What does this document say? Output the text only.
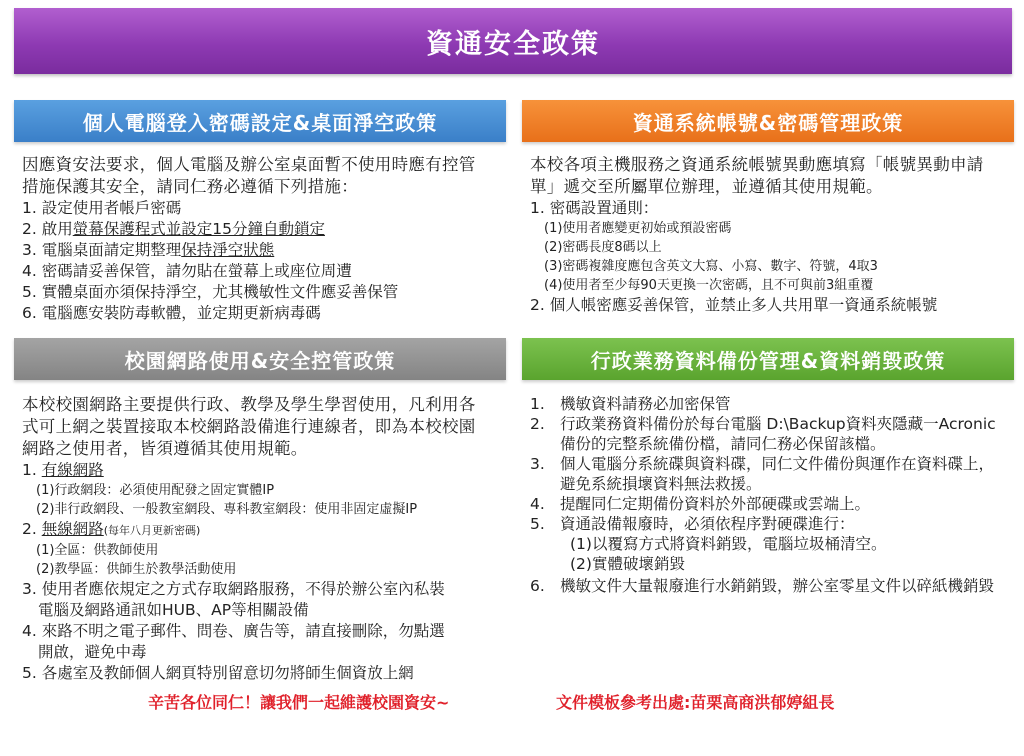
資通安全政策
個人電腦登入密碼設定&桌面淨空政策
因應資安法要求，個人電腦及辦公室桌面暫不使用時應有控管措施保護其安全，請同仁務必遵循下列措施：
1. 設定使用者帳戶密碼
2. 啟用螢幕保護程式並設定15分鐘自動鎖定
3. 電腦桌面請定期整理保持淨空狀態
4. 密碼請妥善保管，請勿貼在螢幕上或座位周遭
5. 實體桌面亦須保持淨空，尤其機敏性文件應妥善保管
6. 電腦應安裝防毒軟體，並定期更新病毒碼
資通系統帳號&密碼管理政策
本校各項主機服務之資通系統帳號異動應填寫「帳號異動申請單」遞交至所屬單位辦理，並遵循其使用規範。
1. 密碼設置通則：
(1)使用者應變更初始或預設密碼
(2)密碼長度8碼以上
(3)密碼複雜度應包含英文大寫、小寫、數字、符號，4取3
(4)使用者至少每90天更換一次密碼，且不可與前3組重覆
2. 個人帳密應妥善保管，並禁止多人共用單一資通系統帳號
校園網路使用&安全控管政策
本校校園網路主要提供行政、教學及學生學習使用，凡利用各式可上網之裝置接取本校網路設備進行連線者，即為本校校園網路之使用者，皆須遵循其使用規範。
1. 有線網路
(1)行政網段：必須使用配發之固定實體IP
(2)非行政網段、一般教室網段、專科教室網段：使用非固定虛擬IP
2. 無線網路(每年八月更新密碼)
(1)全區：供教師使用
(2)教學區：供師生於教學活動使用
3. 使用者應依規定之方式存取網路服務，不得於辦公室內私裝
電腦及網路通訊如HUB、AP等相關設備
4. 來路不明之電子郵件、問卷、廣告等，請直接刪除，勿點選
開啟，避免中毒
5. 各處室及教師個人網頁特別留意切勿將師生個資放上網
行政業務資料備份管理&資料銷毀政策
1. 機敏資料請務必加密保管
2. 行政業務資料備份於每台電腦 D:\Backup資料夾隱藏一Acronic備份的完整系統備份檔，請同仁務必保留該檔。
3. 個人電腦分系統碟與資料碟，同仁文件備份與運作在資料碟上，避免系統損壞資料無法救援。
4. 提醒同仁定期備份資料於外部硬碟或雲端上。
5. 資通設備報廢時，必須依程序對硬碟進行：
(1)以覆寫方式將資料銷毀，電腦垃圾桶清空。
(2)實體破壞銷毀
6. 機敏文件大量報廢進行水銷銷毀，辦公室零星文件以碎紙機銷毀
辛苦各位同仁！讓我們一起維護校園資安~	文件模板參考出處:苗栗高商洪郁婷組長
